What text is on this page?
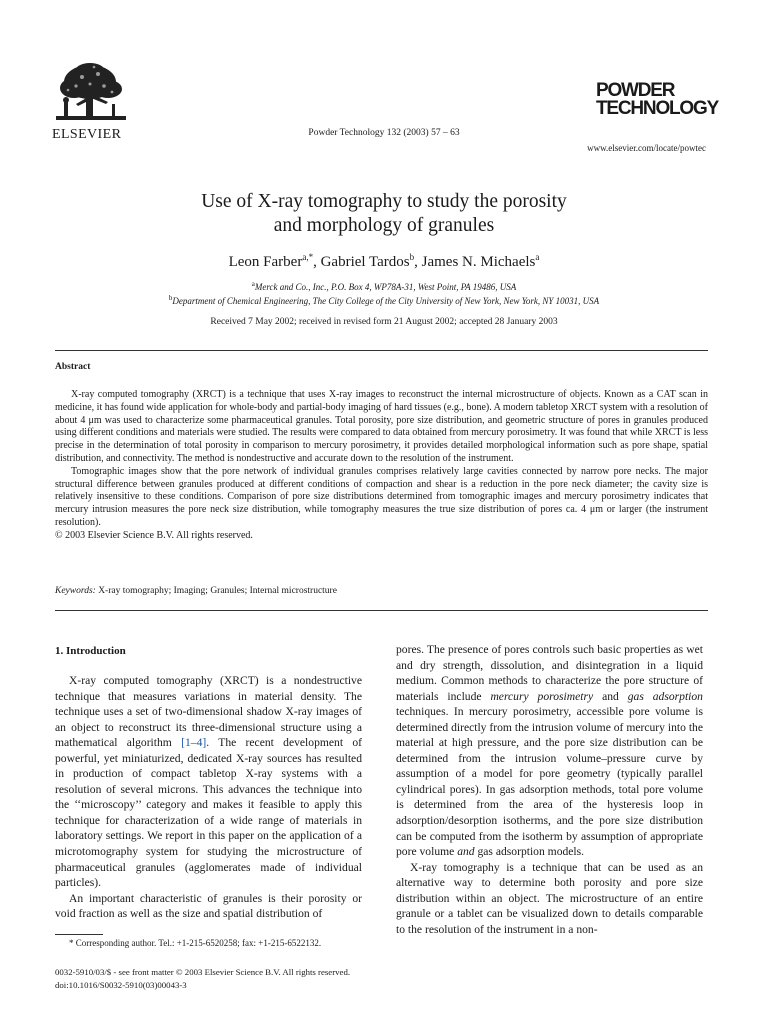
ELSEVIER	Powder Technology 132 (2003) 57 – 63
POWDER
TECHNOLOGY
www.elsevier.com/locate/powtec
Use of X-ray tomography to study the porosity
and morphology of granules
Leon Farber$^{a,*}$, Gabriel Tardos$^b$, James N. Michaels$^a$
$^a$Merck and Co., Inc., P.O. Box 4, WP78A-31, West Point, PA 19486, USA
$^b$Department of Chemical Engineering, The City College of the City University of New York, New York, NY 10031, USA
Received 7 May 2002; received in revised form 21 August 2002; accepted 28 January 2003
Abstract

X-ray computed tomography (XRCT) is a technique that uses X-ray images to reconstruct the internal microstructure of objects. Known as a CAT scan in medicine, it has found wide application for whole-body and partial-body imaging of hard tissues (e.g., bone). A modern tabletop XRCT system with a resolution of about 4 μm was used to characterize some pharmaceutical granules. Total porosity, pore size distribution, and geometric structure of pores in granules produced using different conditions and materials were studied. The results were compared to data obtained from mercury porosimetry. It was found that while XRCT is less precise in the determination of total porosity in comparison to mercury porosimetry, it provides detailed morphological information such as pore shape, spatial distribution, and connectivity. The method is nondestructive and accurate down to the resolution of the instrument.

Tomographic images show that the pore network of individual granules comprises relatively large cavities connected by narrow pore necks. The major structural difference between granules produced at different conditions of compaction and shear is a reduction in the pore neck diameter; the cavity size is relatively insensitive to these conditions. Comparison of pore size distributions determined from tomographic images and mercury porosimetry indicates that mercury intrusion measures the pore neck size distribution, while tomography measures the true size distribution of pores ca. 4 μm or larger (the instrument resolution).

© 2003 Elsevier Science B.V. All rights reserved.

Keywords: X-ray tomography; Imaging; Granules; Internal microstructure
1. Introduction

X-ray computed tomography (XRCT) is a nondestructive technique that measures variations in material density. The technique uses a set of two-dimensional shadow X-ray images of an object to reconstruct its three-dimensional structure using a mathematical algorithm [1–4]. The recent development of powerful, yet miniaturized, dedicated X-ray sources has resulted in production of compact tabletop X-ray systems with a resolution of several microns. This advances the technique into the ‘‘microscopy’’ category and makes it feasible to apply this technique for characterization of a wide range of materials in laboratory settings. We report in this paper on the application of a microtomography system for studying the microstructure of pharmaceutical granules (agglomerates made of individual particles).

An important characteristic of granules is their porosity or void fraction as well as the size and spatial distribution of

pores. The presence of pores controls such basic properties as wet and dry strength, dissolution, and disintegration in a liquid medium. Common methods to characterize the pore structure of materials include mercury porosimetry and gas adsorption techniques. In mercury porosimetry, accessible pore volume is determined directly from the intrusion volume of mercury into the material at high pressure, and the pore size distribution can be determined from the intrusion volume–pressure curve by assumption of a model for pore geometry (typically parallel cylindrical pores). In gas adsorption methods, total pore volume is determined from the area of the hysteresis loop in adsorption/desorption isotherms, and the pore size distribution can be computed from the isotherm by assumption of appropriate pore volume and gas adsorption models.

X-ray tomography is a technique that can be used as an alternative way to determine both porosity and pore size distribution within an object. The microstructure of an entire granule or a tablet can be visualized down to details comparable to the resolution of the instrument in a non-

* Corresponding author. Tel.: +1-215-6520258; fax: +1-215-6522132.
0032-5910/03/$ - see front matter © 2003 Elsevier Science B.V. All rights reserved.
doi:10.1016/S0032-5910(03)00043-3
